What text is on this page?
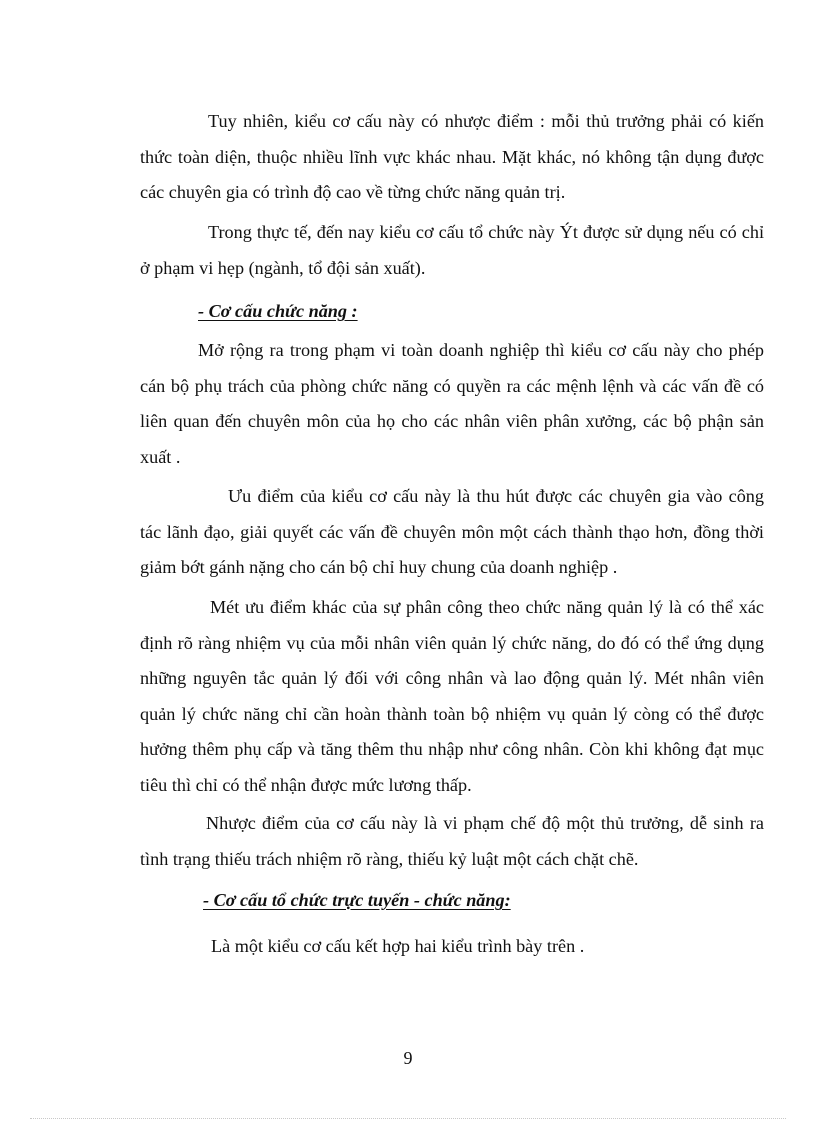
Tuy nhiên, kiểu cơ cấu này có nhược điểm : mỗi thủ trưởng phải có kiến thức toàn diện, thuộc nhiều lĩnh vực khác nhau. Mặt khác, nó không tận dụng được các chuyên gia có trình độ cao về từng chức năng quản trị.

Trong thực tế, đến nay kiểu cơ cấu tổ chức này Ýt được sử dụng nếu có chỉ ở phạm vi hẹp (ngành, tổ đội sản xuất).

- Cơ cấu chức năng :

Mở rộng ra trong phạm vi toàn doanh nghiệp thì kiểu cơ cấu này cho phép cán bộ phụ trách của phòng chức năng có quyền ra các mệnh lệnh và các vấn đề có liên quan đến chuyên môn của họ cho các nhân viên phân xưởng, các bộ phận sản xuất .

Ưu điểm của kiểu cơ cấu này là thu hút được các chuyên gia vào công tác lãnh đạo, giải quyết các vấn đề chuyên môn một cách thành thạo hơn, đồng thời giảm bớt gánh nặng cho cán bộ chỉ huy chung của doanh nghiệp .

Mét ưu điểm khác của sự phân công theo chức năng quản lý là có thể xác định rõ ràng nhiệm vụ của mỗi nhân viên quản lý chức năng, do đó có thể ứng dụng những nguyên tắc quản lý đối với công nhân và lao động quản lý. Mét nhân viên quản lý chức năng chỉ cần hoàn thành toàn bộ nhiệm vụ quản lý còng có thể được hưởng thêm phụ cấp và tăng thêm thu nhập như công nhân. Còn khi không đạt mục tiêu thì chỉ có thể nhận được mức lương thấp.

Nhược điểm của cơ cấu này là vi phạm chế độ một thủ trưởng, dễ sinh ra tình trạng thiếu trách nhiệm rõ ràng, thiếu kỷ luật một cách chặt chẽ.

- Cơ cấu tổ chức trực tuyến - chức năng:

Là một kiểu cơ cấu kết hợp hai kiểu trình bày trên .

9
